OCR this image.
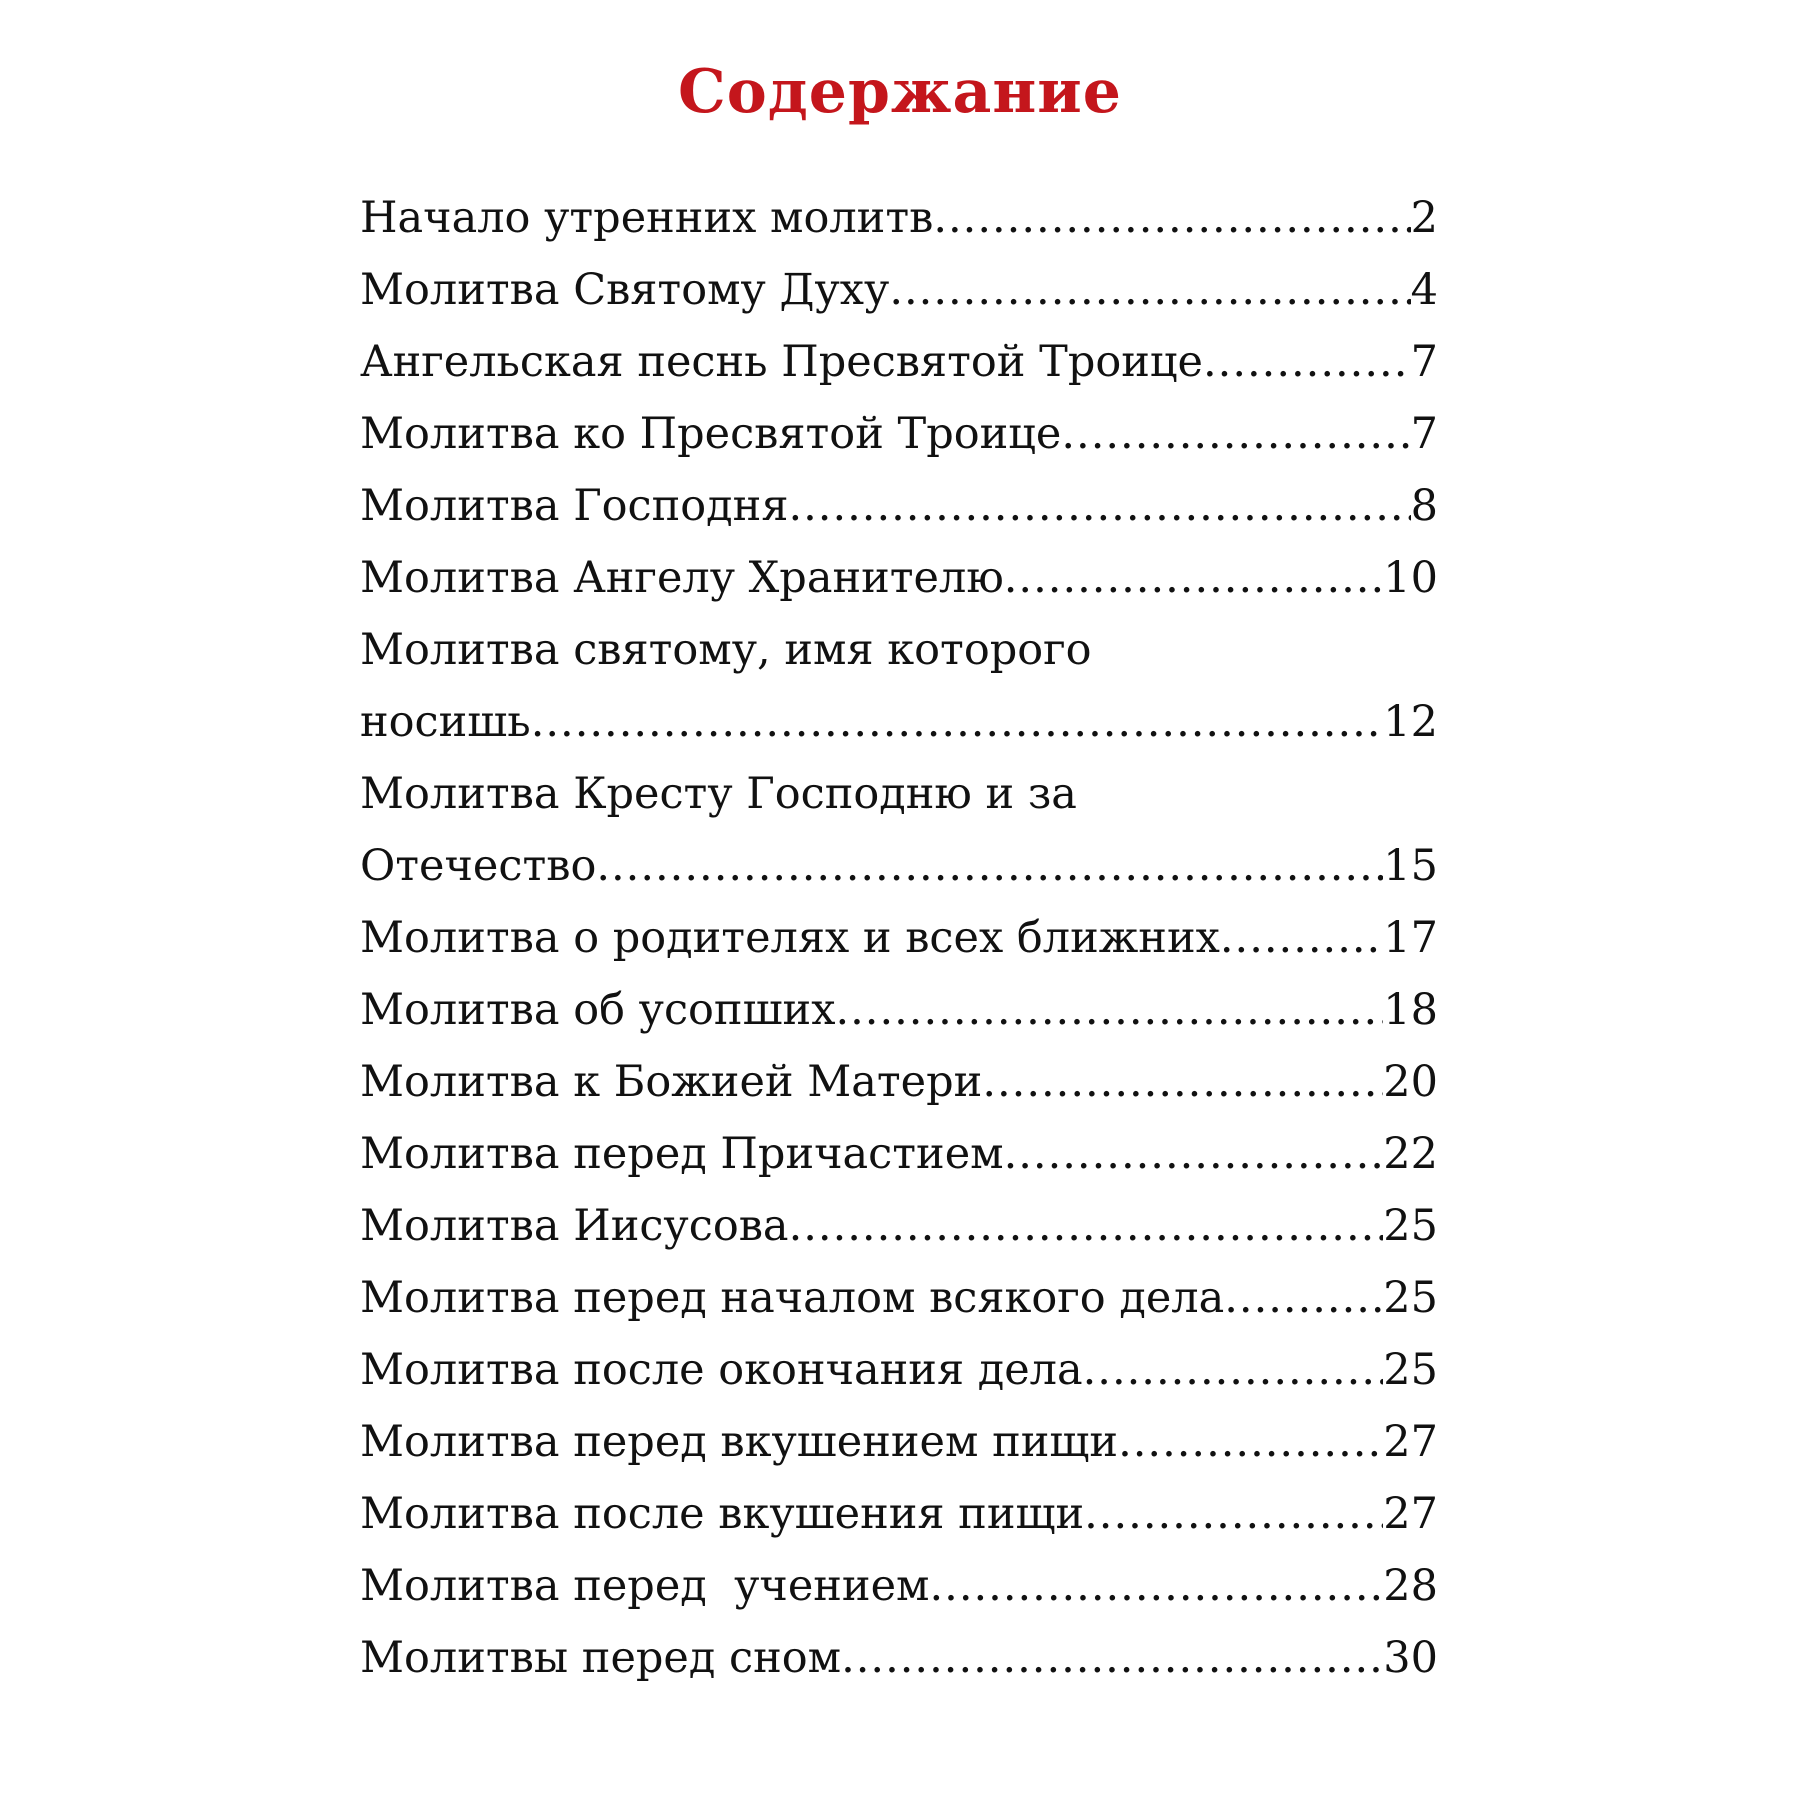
Содержание
Начало утренних молитв .....	2
Молитва Святому Духу .....	4
Ангельская песнь Пресвятой Троице .....	7
Молитва ко Пресвятой Троице .....	7
Молитва Господня .....	8
Молитва Ангелу Хранителю .....	10
Молитва святому, имя которого
носишь .....	12
Молитва Кресту Господню и за
Отечество .....	15
Молитва о родителях и всех ближних .....	17
Молитва об усопших .....	18
Молитва к Божией Матери .....	20
Молитва перед Причастием .....	22
Молитва Иисусова .....	25
Молитва перед началом всякого дела .....	25
Молитва после окончания дела .....	25
Молитва перед вкушением пищи .....	27
Молитва после вкушения пищи .....	27
Молитва перед  учением .....	28
Молитвы перед сном .....	30
